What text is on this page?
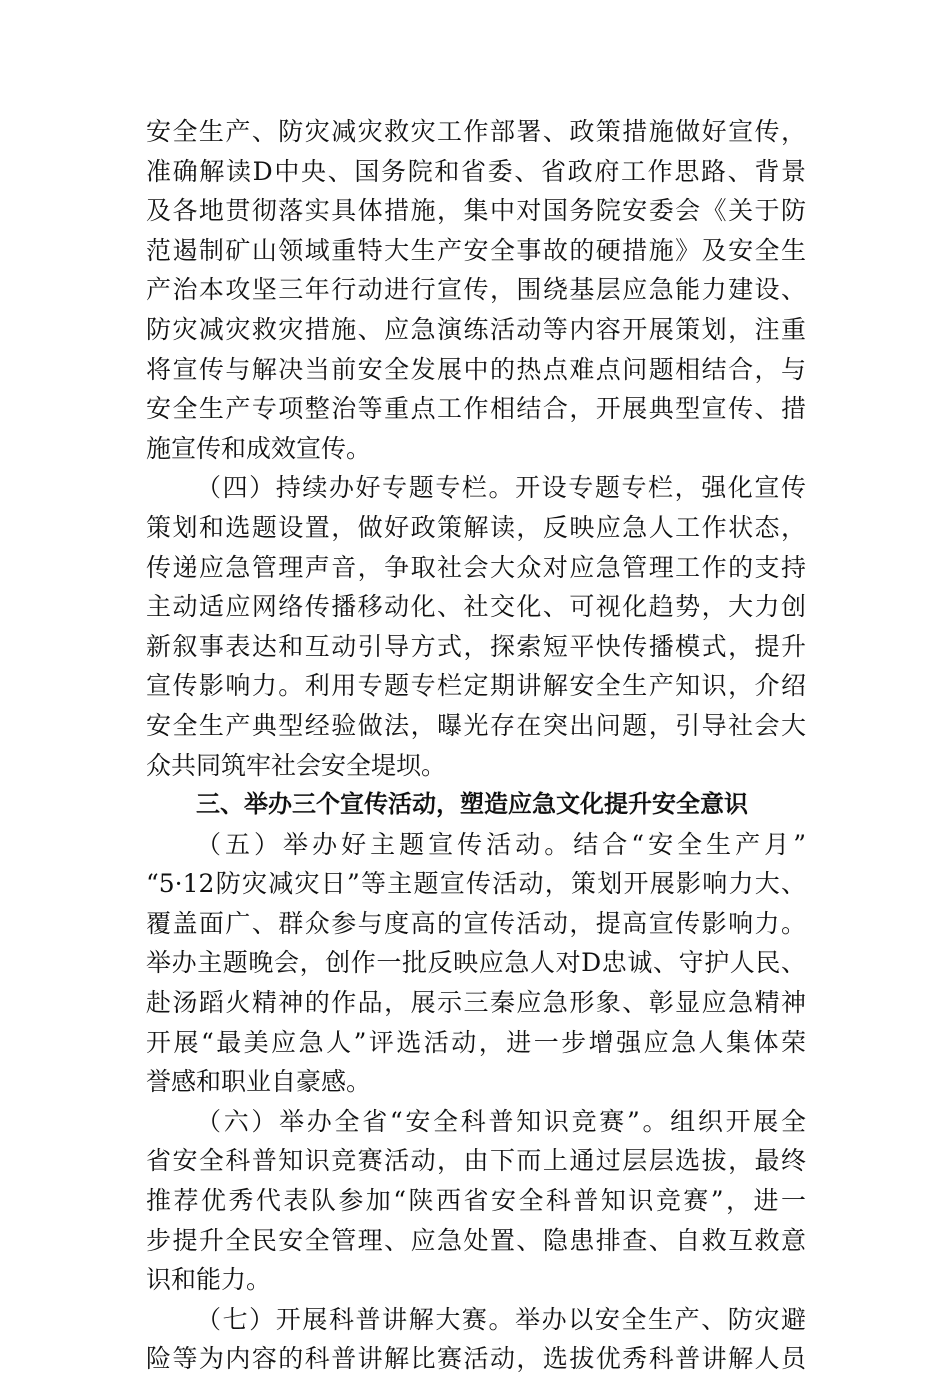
安全生产、防灾减灾救灾工作部署、政策措施做好宣传，
准确解读D中央、国务院和省委、省政府工作思路、背景
及各地贯彻落实具体措施，集中对国务院安委会《关于防
范遏制矿山领域重特大生产安全事故的硬措施》及安全生
产治本攻坚三年行动进行宣传，围绕基层应急能力建设、
防灾减灾救灾措施、应急演练活动等内容开展策划，注重
将宣传与解决当前安全发展中的热点难点问题相结合，与
安全生产专项整治等重点工作相结合，开展典型宣传、措
施宣传和成效宣传。
（四）持续办好专题专栏。开设专题专栏，强化宣传
策划和选题设置，做好政策解读，反映应急人工作状态，
传递应急管理声音，争取社会大众对应急管理工作的支持
主动适应网络传播移动化、社交化、可视化趋势，大力创
新叙事表达和互动引导方式，探索短平快传播模式，提升
宣传影响力。利用专题专栏定期讲解安全生产知识，介绍
安全生产典型经验做法，曝光存在突出问题，引导社会大
众共同筑牢社会安全堤坝。
三、举办三个宣传活动，塑造应急文化提升安全意识
（五）举办好主题宣传活动。结合“安全生产月”
“5·12防灾减灾日”等主题宣传活动，策划开展影响力大、
覆盖面广、群众参与度高的宣传活动，提高宣传影响力。
举办主题晚会，创作一批反映应急人对D忠诚、守护人民、
赴汤蹈火精神的作品，展示三秦应急形象、彰显应急精神
开展“最美应急人”评选活动，进一步增强应急人集体荣
誉感和职业自豪感。
（六）举办全省“安全科普知识竞赛”。组织开展全
省安全科普知识竞赛活动，由下而上通过层层选拔，最终
推荐优秀代表队参加“陕西省安全科普知识竞赛”，进一
步提升全民安全管理、应急处置、隐患排查、自救互救意
识和能力。
（七）开展科普讲解大赛。举办以安全生产、防灾避
险等为内容的科普讲解比赛活动，选拔优秀科普讲解人员
